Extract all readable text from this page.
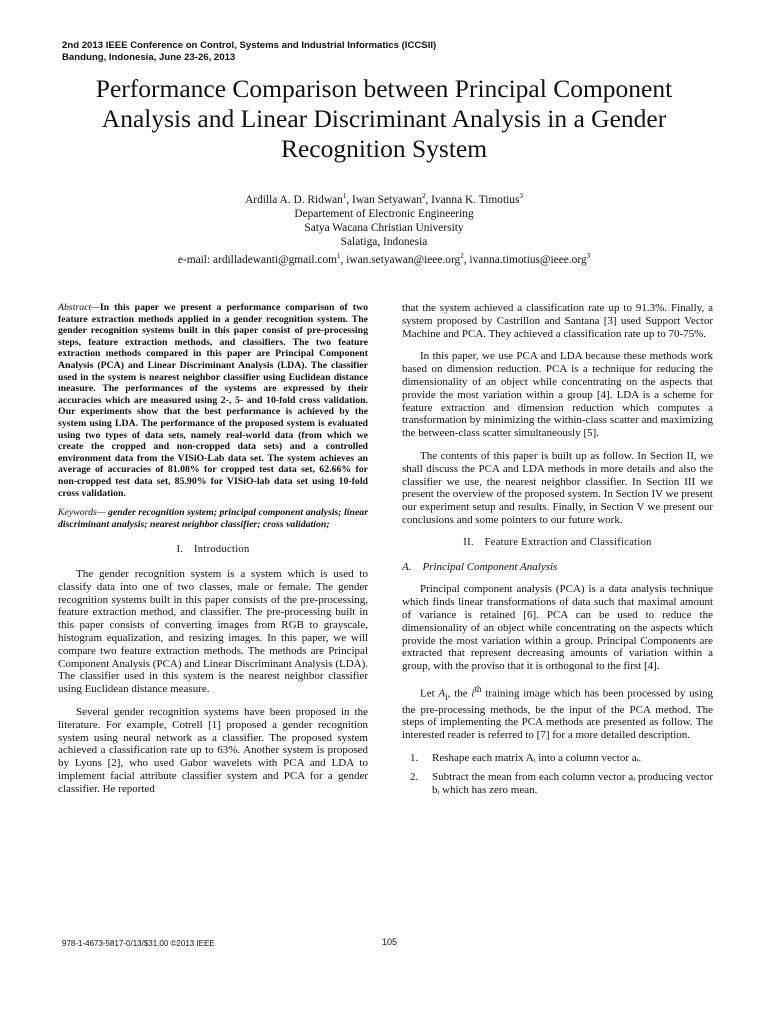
2nd 2013 IEEE Conference on Control, Systems and Industrial Informatics (ICCSII)
Bandung, Indonesia, June 23-26, 2013
Performance Comparison between Principal Component Analysis and Linear Discriminant Analysis in a Gender Recognition System
Ardilla A. D. Ridwan$^1$, Iwan Setyawan$^2$, Ivanna K. Timotius$^3$
Departement of Electronic Engineering
Satya Wacana Christian University
Salatiga, Indonesia
e-mail: ardilladewanti@gmail.com$^1$, iwan.setyawan@ieee.org$^2$, ivanna.timotius@ieee.org$^3$

Abstract—In this paper we present a performance comparison of two feature extraction methods applied in a gender recognition system. The gender recognition systems built in this paper consist of pre-processing steps, feature extraction methods, and classifiers. The two feature extraction methods compared in this paper are Principal Component Analysis (PCA) and Linear Discriminant Analysis (LDA). The classifier used in the system is nearest neighbor classifier using Euclidean distance measure. The performances of the systems are expressed by their accuracies which are measured using 2-, 5- and 10-fold cross validation. Our experiments show that the best performance is achieved by the system using LDA. The performance of the proposed system is evaluated using two types of data sets, namely real-world data (from which we create the cropped and non-cropped data sets) and a controlled environment data from the VISiO-Lab data set. The system achieves an average of accuracies of 81.08% for cropped test data set, 62.66% for non-cropped test data set, 85.90% for VISiO-lab data set using 10-fold cross validation.

Keywords— gender recognition system; principal component analysis; linear discriminant analysis; nearest neighbor classifier; cross validation;

I. Introduction

The gender recognition system is a system which is used to classify data into one of two classes, male or female. The gender recognition systems built in this paper consists of the pre-processing, feature extraction method, and classifier. The pre-processing built in this paper consists of converting images from RGB to grayscale, histogram equalization, and resizing images. In this paper, we will compare two feature extraction methods. The methods are Principal Component Analysis (PCA) and Linear Discriminant Analysis (LDA). The classifier used in this system is the nearest neighbor classifier using Euclidean distance measure.

Several gender recognition systems have been proposed in the literature. For example, Cotrell [1] proposed a gender recognition system using neural network as a classifier. The proposed system achieved a classification rate up to 63%. Another system is proposed by Lyons [2], who used Gabor wavelets with PCA and LDA to implement facial attribute classifier system and PCA for a gender classifier. He reported

that the system achieved a classification rate up to 91.3%. Finally, a system proposed by Castrillon and Santana [3] used Support Vector Machine and PCA. They achieved a classification rate up to 70-75%.

In this paper, we use PCA and LDA because these methods work based on dimension reduction. PCA is a technique for reducing the dimensionality of an object while concentrating on the aspects that provide the most variation within a group [4]. LDA is a scheme for feature extraction and dimension reduction which computes a transformation by minimizing the within-class scatter and maximizing the between-class scatter simultaneously [5].

The contents of this paper is built up as follow. In Section II, we shall discuss the PCA and LDA methods in more details and also the classifier we use, the nearest neighbor classifier. In Section III we present the overview of the proposed system. In Section IV we present our experiment setup and results. Finally, in Section V we present our conclusions and some pointers to our future work.

II. Feature Extraction and Classification
A. Principal Component Analysis

Principal component analysis (PCA) is a data analysis technique which finds linear transformations of data such that maximal amount of variance is retained [6]. PCA can be used to reduce the dimensionality of an object while concentrating on the aspects which provide the most variation within a group. Principal Components are extracted that represent decreasing amounts of variation within a group, with the proviso that it is orthogonal to the first [4].

Let $A_i$, the $i^{th}$ training image which has been processed by using the pre-processing methods, be the input of the PCA method. The steps of implementing the PCA methods are presented as follow. The interested reader is referred to [7] for a more detailed description.

1.	Reshape each matrix Aᵢ into a column vector aᵢ.
2.	Subtract the mean from each column vector aᵢ producing vector bᵢ which has zero mean.
978-1-4673-5817-0/13/$31.00 ©2013 IEEE	105
